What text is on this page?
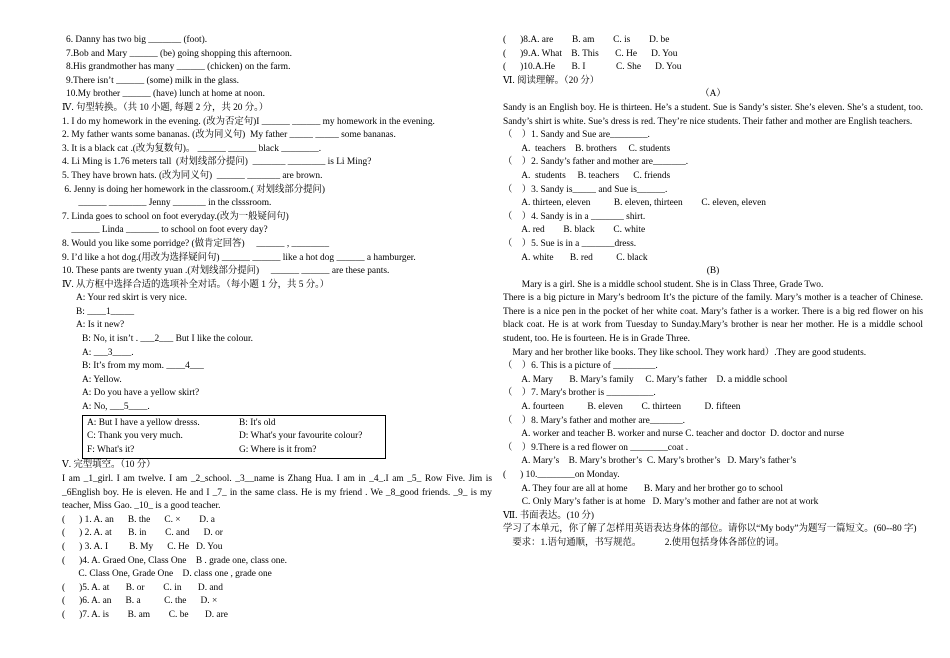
6. Danny has two big _______ (foot).
7.Bob and Mary ______ (be) going shopping this afternoon.
8.His grandmother has many ______ (chicken) on the farm.
9.There isn’t ______ (some) milk in the glass.
10.My brother ______ (have) lunch at home at noon.
Ⅳ. 句型转换。（共 10 小题, 每题 2 分，共 20 分。）
1. I do my homework in the evening. (改为否定句)I ______ ______ my homework in the evening.
2. My father wants some bananas. (改为同义句)  My father _____ _____ some bananas.
3. It is a black cat .(改为复数句)。 ______ ______ black ________.
4. Li Ming is 1.76 meters tall  (对划线部分提问)  _______ ________ is Li Ming?
5. They have brown hats. (改为同义句)  ______ _______ are brown.
6. Jenny is doing her homework in the classroom.( 对划线部分提问)
______ ________ Jenny _______ in the clsssroom.
7. Linda goes to school on foot everyday.(改为一般疑问句)
______ Linda _______ to school on foot every day?
8. Would you like some porridge? (做肯定回答)     ______ , ________
9. I’d like a hot dog.(用改为选择疑问句) ______ ______ like a hot dog ______ a hamburger.
10. These pants are twenty yuan .(对划线部分提问)     ______ ______ are these pants.
Ⅳ. 从方框中选择合适的选项补全对话。（每小题 1 分，共 5 分。）
A: Your red skirt is very nice.
B: ____1_____
A: Is it new?
B: No, it isn’t . ___2___ But I like the colour.
A: ___3____.
B: It’s from my mom. ____4___
A: Yellow.
A: Do you have a yellow skirt?
A: No, ___5____.
A: But I have a yellow dresss.	B: It's old
C: Thank you very much.	D: What's your favourite colour?
F: What's it?	G: Where is it from?
Ⅴ. 完型填空。（10 分）
I am _1_girl. I am twelve. I am _2_school. _3__name is Zhang Hua. I am in _4_.I am _5_ Row Five. Jim is _6English boy. He is eleven. He and I _7_ in the same class. He is my friend . We _8_good friends. _9_ is my teacher, Miss Gao. _10_ is a good teacher.
(      ) 1. A. an      B. the      C. ×        D. a
(      ) 2. A. at       B. in        C. and      D. or
(      ) 3. A. I         B. My      C. He   D. You
(      )4. A. Graed One, Class One    B . grade one, class one.
C. Class One, Grade One    D. class one , grade one
(      )5. A. at       B. or        C. in       D. and
(      )6. A. an      B. a          C. the      D. ×
(      )7. A. is        B. am        C. be       D. are
(      )8.A. are        B. am        C. is        D. be
(      )9.A. What    B. This       C. He      D. You
(      )10.A.He       B. I             C. She      D. You
Ⅵ. 阅读理解。（20 分）
（A）
Sandy is an English boy. He is thirteen. He’s a student. Sue is Sandy’s sister. She’s eleven. She’s a student, too. Sandy’s shirt is white. Sue’s dress is red. They’re nice students. Their father and mother are English teachers.
（    ）1. Sandy and Sue are________.
A.  teachers    B. brothers     C. students
（    ）2. Sandy’s father and mother are_______.
A.  students     B. teachers      C. friends
（    ）3. Sandy is_____ and Sue is______.
A. thirteen, eleven          B. eleven, thirteen        C. eleven, eleven
（    ）4. Sandy is in a _______ shirt.
A. red        B. black        C. white
（    ）5. Sue is in a _______dress.
A. white       B. red          C. black
(B)
Mary is a girl. She is a middle school student. She is in Class Three, Grade Two.
There is a big picture in Mary’s bedroom It’s the picture of the family. Mary’s mother is a teacher of Chinese. There is a nice pen in the pocket of her white coat. Mary’s father is a worker. There is a big red flower on his black coat. He is at work from Tuesday to Sunday.Mary’s brother is near her mother. He is a middle school student, too. He is fourteen. He is in Grade Three.
Mary and her brother like books. They like school. They work hard）.They are good students.
（    ）6. This is a picture of _________.
A. Mary       B. Mary’s family     C. Mary’s father    D. a middle school
（    ）7. Mary's brother is __________.
A. fourteen          B. eleven        C. thirteen          D. fifteen
（    ）8. Mary’s father and mother are_______.
A. worker and teacher B. worker and nurse C. teacher and doctor  D. doctor and nurse
（    ）9.There is a red flower on ________coat .
A. Mary’s    B. Mary’s brother’s  C. Mary’s brother’s   D. Mary’s father’s
(      ) 10.________on Monday.
A. They four are all at home       B. Mary and her brother go to school
C. Only Mary’s father is at home   D. Mary’s mother and father are not at work
Ⅶ. 书面表达。(10 分)
学习了本单元，你了解了怎样用英语表达身体的部位。请你以“My body”为题写一篇短文。(60--80 字)
要求：1.语句通顺，书写规范。          2.使用包括身体各部位的词。
